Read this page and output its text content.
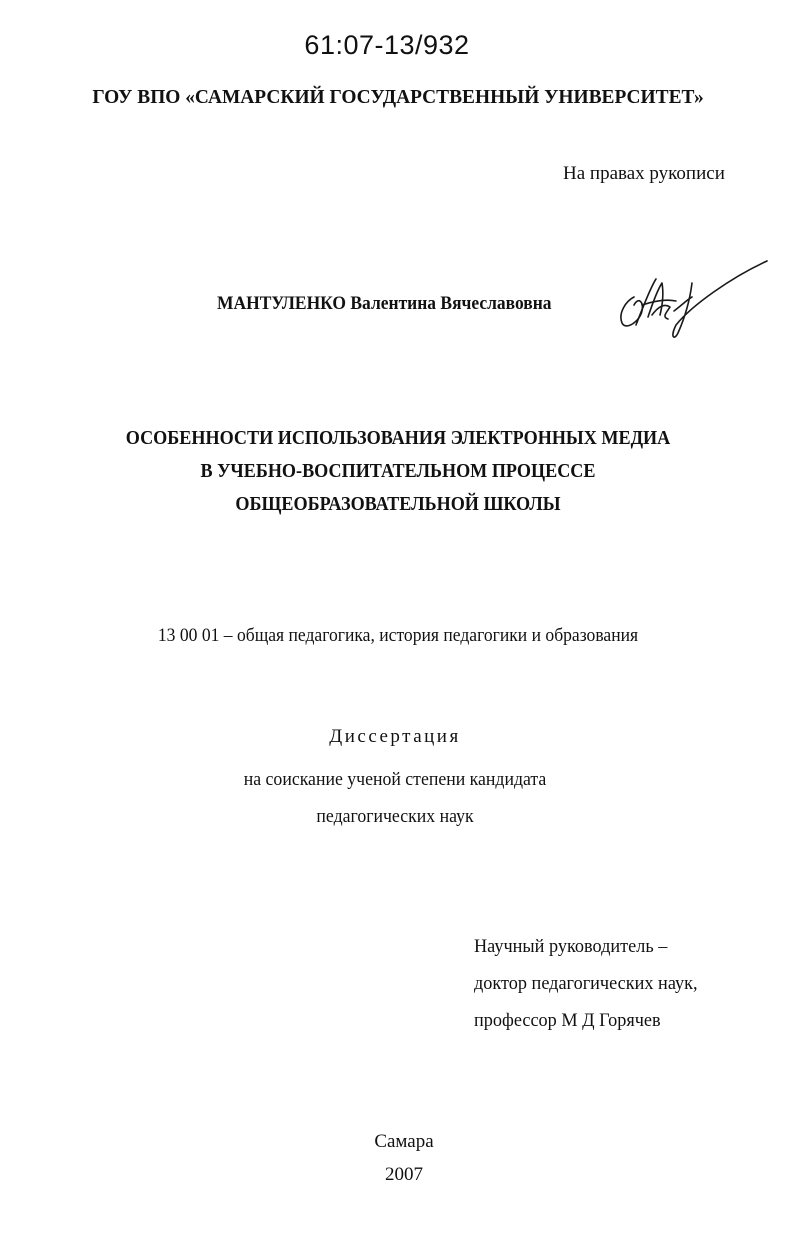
61:07-13/932
ГОУ ВПО «САМАРСКИЙ ГОСУДАРСТВЕННЫЙ УНИВЕРСИТЕТ»
На правах рукописи
МАНТУЛЕНКО Валентина Вячеславовна
ОСОБЕННОСТИ ИСПОЛЬЗОВАНИЯ ЭЛЕКТРОННЫХ МЕДИА
В УЧЕБНО-ВОСПИТАТЕЛЬНОМ ПРОЦЕССЕ
ОБЩЕОБРАЗОВАТЕЛЬНОЙ ШКОЛЫ
13 00 01 – общая педагогика, история педагогики и образования
Диссертация
на соискание ученой степени кандидата
педагогических наук
Научный руководитель –
доктор педагогических наук,
профессор М Д Горячев
Самара
2007
